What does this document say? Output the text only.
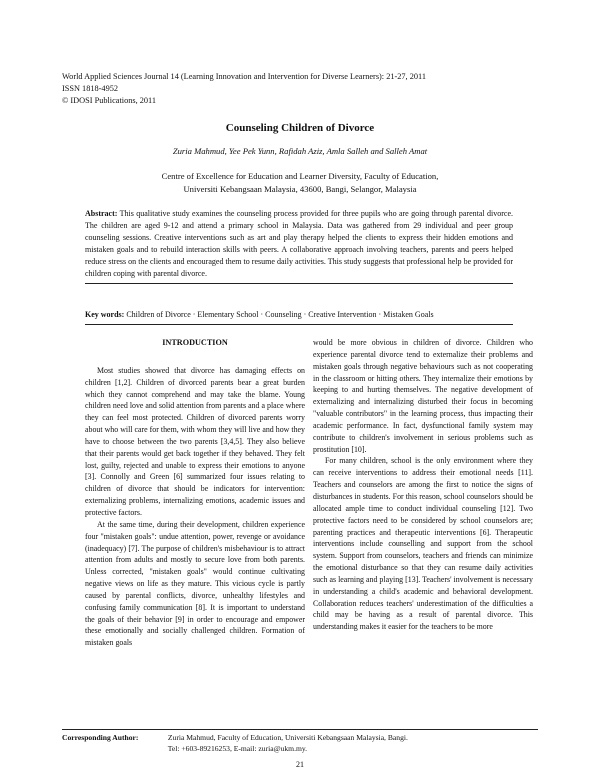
World Applied Sciences Journal 14 (Learning Innovation and Intervention for Diverse Learners): 21-27, 2011
ISSN 1818-4952
© IDOSI Publications, 2011
Counseling Children of Divorce
Zuria Mahmud, Yee Pek Yunn, Rafidah Aziz, Amla Salleh and Salleh Amat
Centre of Excellence for Education and Learner Diversity, Faculty of Education,
Universiti Kebangsaan Malaysia, 43600, Bangi, Selangor, Malaysia
Abstract: This qualitative study examines the counseling process provided for three pupils who are going through parental divorce. The children are aged 9-12 and attend a primary school in Malaysia. Data was gathered from 29 individual and peer group counseling sessions. Creative interventions such as art and play therapy helped the clients to express their hidden emotions and mistaken goals and to rebuild interaction skills with peers. A collaborative approach involving teachers, parents and peers helped reduce stress on the clients and encouraged them to resume daily activities. This study suggests that professional help be provided for children coping with parental divorce.
Key words: Children of Divorce · Elementary School · Counseling · Creative Intervention · Mistaken Goals
INTRODUCTION

Most studies showed that divorce has damaging effects on children [1,2]. Children of divorced parents bear a great burden which they cannot comprehend and may take the blame. Young children need love and solid attention from parents and a place where they can feel most protected. Children of divorced parents worry about who will care for them, with whom they will live and how they have to choose between the two parents [3,4,5]. They also believe that their parents would get back together if they behaved. They felt lost, guilty, rejected and unable to express their emotions to anyone [3]. Connolly and Green [6] summarized four issues relating to children of divorce that should be indicators for intervention: externalizing problems, internalizing emotions, academic issues and protective factors.

At the same time, during their development, children experience four "mistaken goals": undue attention, power, revenge or avoidance (inadequacy) [7]. The purpose of children's misbehaviour is to attract attention from adults and mostly to secure love from both parents. Unless corrected, "mistaken goals" would continue cultivating negative views on life as they mature. This vicious cycle is partly caused by parental conflicts, divorce, unhealthy lifestyles and confusing family communication [8]. It is important to understand the goals of their behavior [9] in order to encourage and empower these emotionally and socially challenged children. Formation of mistaken goals

would be more obvious in children of divorce. Children who experience parental divorce tend to externalize their problems and mistaken goals through negative behaviours such as not cooperating in the classroom or hitting others. They internalize their emotions by keeping to and hurting themselves. The negative development of externalizing and internalizing disturbed their focus in becoming "valuable contributors" in the learning process, thus impacting their academic performance. In fact, dysfunctional family system may contribute to children's involvement in serious problems such as prostitution [10].

For many children, school is the only environment where they can receive interventions to address their emotional needs [11]. Teachers and counselors are among the first to notice the signs of disturbances in students. For this reason, school counselors should be allocated ample time to conduct individual counseling [12]. Two protective factors need to be considered by school counselors are; parenting practices and therapeutic interventions [6]. Therapeutic interventions include counselling and support from the school system. Support from counselors, teachers and friends can minimize the emotional disturbance so that they can resume daily activities such as learning and playing [13]. Teachers' involvement is necessary in understanding a child's academic and behavioral development. Collaboration reduces teachers' underestimation of the difficulties a child may be having as a result of parental divorce. This understanding makes it easier for the teachers to be more

Corresponding Author:	Zuria Mahmud, Faculty of Education, Universiti Kebangsaan Malaysia, Bangi.
Tel: +603-89216253, E-mail: zuria@ukm.my.
21
